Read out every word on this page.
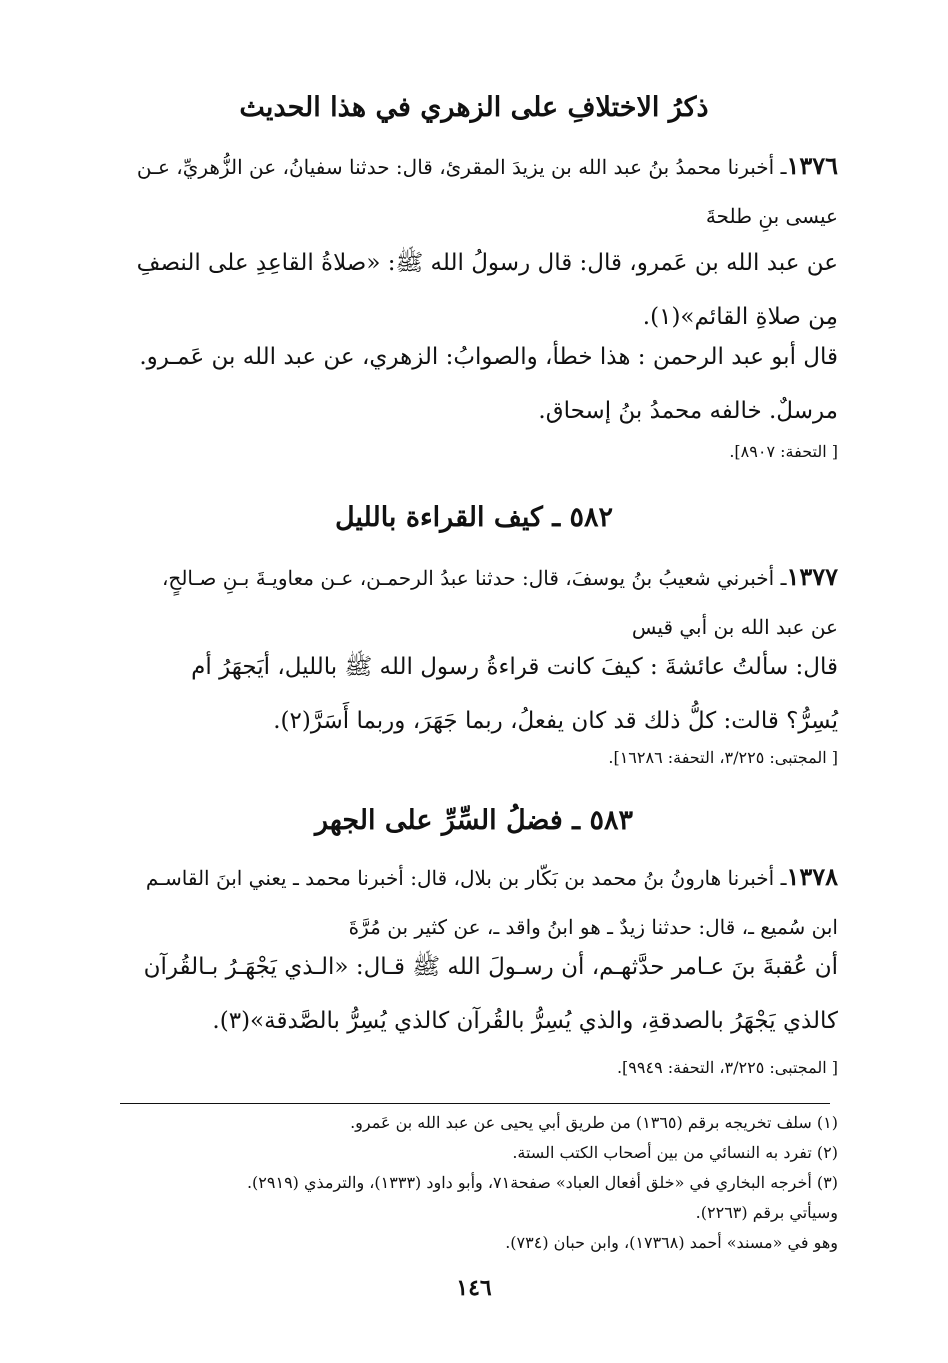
ذكرُ الاختلافِ على الزهري في هذا الحديث
١٣٧٦ـ أخبرنا محمدُ بنُ عبد الله بن يزيدَ المقرئ، قال: حدثنا سفيانُ، عن الزُّهريِّ، عـن
عيسى بنِ طلحةَ
عن عبد الله بن عَمرو، قال: قال رسولُ الله ﷺ: «صلاةُ القاعِدِ على النصفِ
مِن صلاةِ القائم»(١).
قال أبو عبد الرحمن : هذا خطأ، والصوابُ: الزهري، عن عبد الله بن عَمـرو.
مرسلٌ. خالفه محمدُ بنُ إسحاق.
[ التحفة: ٨٩٠٧].
٥٨٢ ـ كيف القراءة بالليل
١٣٧٧ـ أخبرني شعيبُ بنُ يوسفَ، قال: حدثنا عبدُ الرحمـن، عـن معاويـةَ بـنِ صـالحٍ،
عن عبد الله بن أبي قيس
قال: سألتُ عائشةَ : كيفَ كانت قراءةُ رسول الله ﷺ بالليل، أيَجهَرُ أم
يُسِرُّ؟ قالت: كلُّ ذلك قد كان يفعلُ، ربما جَهَرَ، وربما أَسَرَّ(٢).
[ المجتبى: ٣/٢٢٥، التحفة: ١٦٢٨٦].
٥٨٣ ـ فضلُ السِّرِّ على الجهر
١٣٧٨ـ أخبرنا هارونُ بنُ محمد بن بَكّار بن بلال، قال: أخبرنا محمد ـ يعني ابنَ القاسـم
ابن سُميع ـ، قال: حدثنا زيدٌ ـ هو ابنُ واقد ـ، عن كثير بن مُرَّةَ
أن عُقبةَ بنَ عـامر حدَّثهـم، أن رسـولَ الله ﷺ قـال: «الـذي يَجْهَـرُ بـالقُرآن
كالذي يَجْهَرُ بالصدقةِ، والذي يُسِرُّ بالقُرآن كالذي يُسِرُّ بالصَّدقة»(٣).
[ المجتبى: ٣/٢٢٥، التحفة: ٩٩٤٩].
(١) سلف تخريجه برقم (١٣٦٥) من طريق أبي يحيى عن عبد الله بن عَمرو.
(٢) تفرد به النسائي من بين أصحاب الكتب الستة.
(٣) أخرجه البخاري في «خلق أفعال العباد» صفحة٧١، وأبو داود (١٣٣٣)، والترمذي (٢٩١٩).
وسيأتي برقم (٢٢٦٣).
وهو في «مسند» أحمد (١٧٣٦٨)، وابن حبان (٧٣٤).
١٤٦
